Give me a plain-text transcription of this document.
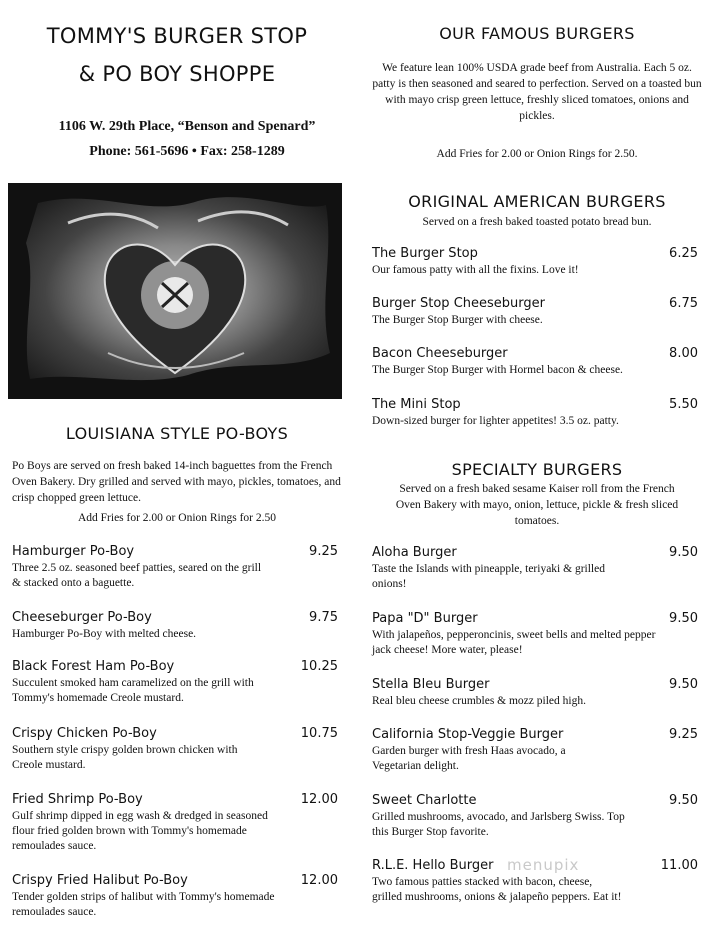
TOMMY'S BURGER STOP
& PO BOY SHOPPE
1106 W. 29th Place, “Benson and Spenard”
Phone: 561-5696 • Fax: 258-1289
LOUISIANA STYLE PO-BOYS
Po Boys are served on fresh baked 14-inch baguettes from the French Oven Bakery. Dry grilled and served with mayo, pickles, tomatoes, and crisp chopped green lettuce.
Add Fries for 2.00 or Onion Rings for 2.50
Hamburger Po-Boy	9.25
Three 2.5 oz. seasoned beef patties, seared on the grill & stacked onto a baguette.
Cheeseburger Po-Boy	9.75
Hamburger Po-Boy with melted cheese.
Black Forest Ham Po-Boy	10.25
Succulent smoked ham caramelized on the grill with Tommy's homemade Creole mustard.
Crispy Chicken Po-Boy	10.75
Southern style crispy golden brown chicken with Creole mustard.
Fried Shrimp Po-Boy	12.00
Gulf shrimp dipped in egg wash & dredged in seasoned flour fried golden brown with Tommy's homemade remoulades sauce.
Crispy Fried Halibut Po-Boy	12.00
Tender golden strips of halibut with Tommy's homemade remoulades sauce.
OUR FAMOUS BURGERS
We feature lean 100% USDA grade beef from Australia. Each 5 oz. patty is then seasoned and seared to perfection. Served on a toasted bun with mayo crisp green lettuce, freshly sliced tomatoes, onions and pickles.
Add Fries for 2.00 or Onion Rings for 2.50.
ORIGINAL AMERICAN BURGERS
Served on a fresh baked toasted potato bread bun.
The Burger Stop	6.25
Our famous patty with all the fixins. Love it!
Burger Stop Cheeseburger	6.75
The Burger Stop Burger with cheese.
Bacon Cheeseburger	8.00
The Burger Stop Burger with Hormel bacon & cheese.
The Mini Stop	5.50
Down-sized burger for lighter appetites! 3.5 oz. patty.
SPECIALTY BURGERS
Served on a fresh baked sesame Kaiser roll from the French Oven Bakery with mayo, onion, lettuce, pickle & fresh sliced tomatoes.
Aloha Burger	9.50
Taste the Islands with pineapple, teriyaki & grilled onions!
Papa "D" Burger	9.50
With jalapeños, pepperoncinis, sweet bells and melted pepper jack cheese! More water, please!
Stella Bleu Burger	9.50
Real bleu cheese crumbles & mozz piled high.
California Stop-Veggie Burger	9.25
Garden burger with fresh Haas avocado, a Vegetarian delight.
Sweet Charlotte	9.50
Grilled mushrooms, avocado, and Jarlsberg Swiss. Top this Burger Stop favorite.
R.L.E. Hello Burger	11.00
Two famous patties stacked with bacon, cheese, grilled mushrooms, onions & jalapeño peppers. Eat it!
menupix
